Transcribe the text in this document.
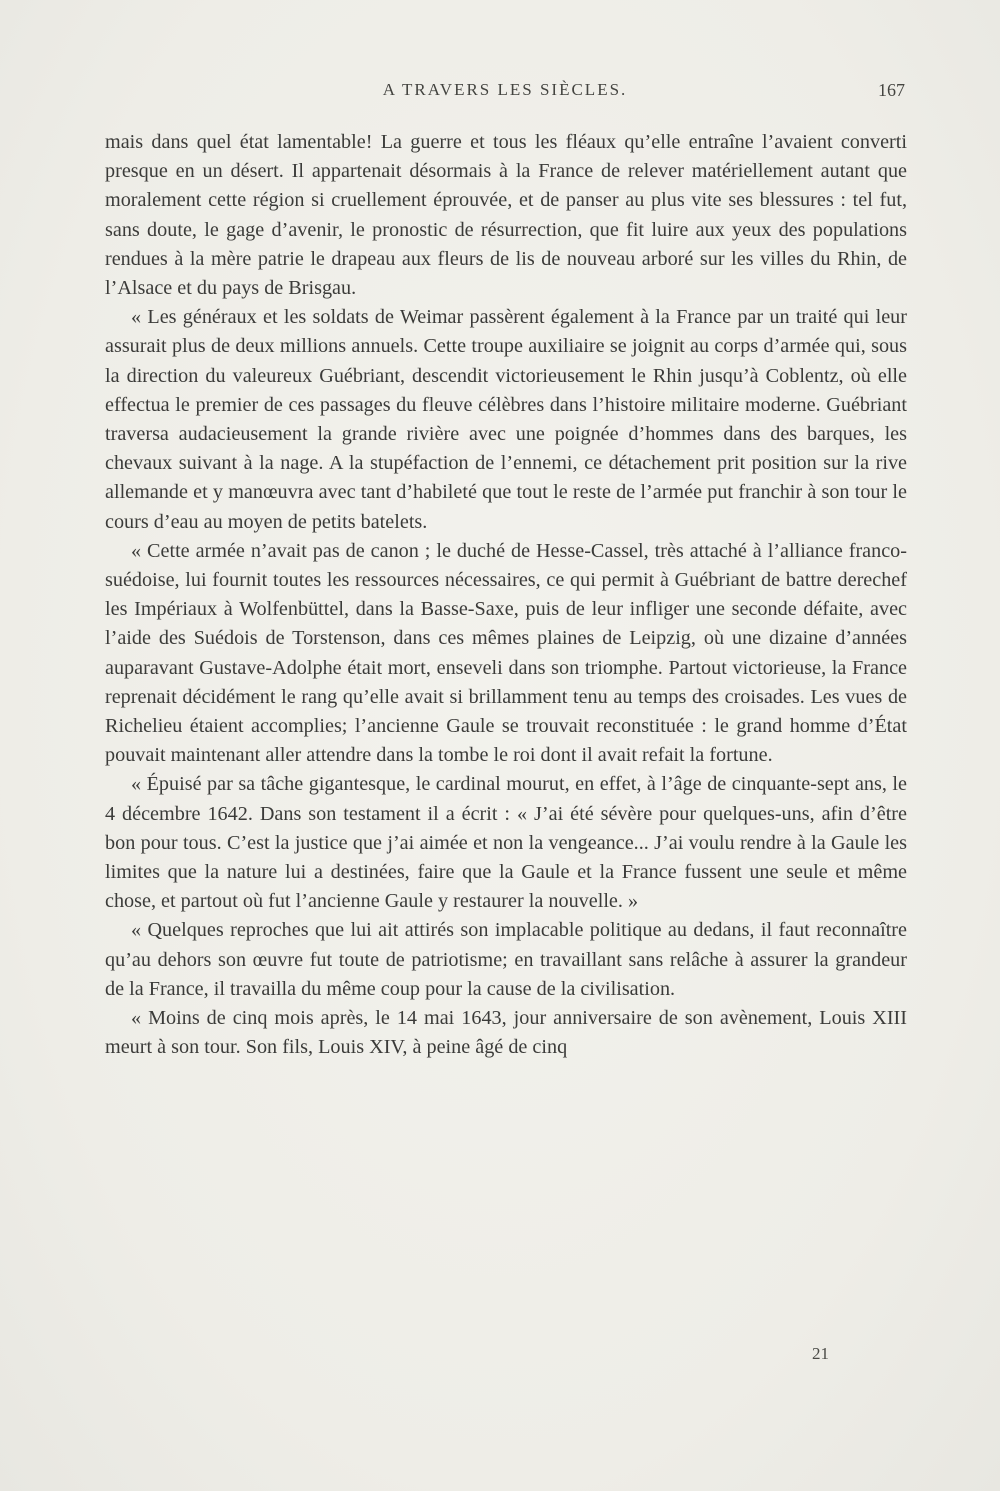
A TRAVERS LES SIÈCLES.	167

mais dans quel état lamentable! La guerre et tous les fléaux qu’elle entraîne l’avaient converti presque en un désert. Il appartenait désormais à la France de relever matériellement autant que moralement cette région si cruellement éprouvée, et de panser au plus vite ses blessures : tel fut, sans doute, le gage d’avenir, le pronostic de résurrection, que fit luire aux yeux des populations rendues à la mère patrie le drapeau aux fleurs de lis de nouveau arboré sur les villes du Rhin, de l’Alsace et du pays de Brisgau.

« Les généraux et les soldats de Weimar passèrent également à la France par un traité qui leur assurait plus de deux millions annuels. Cette troupe auxiliaire se joignit au corps d’armée qui, sous la direction du valeureux Guébriant, descendit victorieusement le Rhin jusqu’à Coblentz, où elle effectua le premier de ces passages du fleuve célèbres dans l’histoire militaire moderne. Guébriant traversa audacieusement la grande rivière avec une poignée d’hommes dans des barques, les chevaux suivant à la nage. A la stupéfaction de l’ennemi, ce détachement prit position sur la rive allemande et y manœuvra avec tant d’habileté que tout le reste de l’armée put franchir à son tour le cours d’eau au moyen de petits batelets.

« Cette armée n’avait pas de canon ; le duché de Hesse-Cassel, très attaché à l’alliance franco-suédoise, lui fournit toutes les ressources nécessaires, ce qui permit à Guébriant de battre derechef les Impériaux à Wolfenbüttel, dans la Basse-Saxe, puis de leur infliger une seconde défaite, avec l’aide des Suédois de Torstenson, dans ces mêmes plaines de Leipzig, où une dizaine d’années auparavant Gustave-Adolphe était mort, enseveli dans son triomphe. Partout victorieuse, la France reprenait décidément le rang qu’elle avait si brillamment tenu au temps des croisades. Les vues de Richelieu étaient accomplies; l’ancienne Gaule se trouvait reconstituée : le grand homme d’État pouvait maintenant aller attendre dans la tombe le roi dont il avait refait la fortune.

« Épuisé par sa tâche gigantesque, le cardinal mourut, en effet, à l’âge de cinquante-sept ans, le 4 décembre 1642. Dans son testament il a écrit : « J’ai été sévère pour quelques-uns, afin d’être bon pour tous. C’est la justice que j’ai aimée et non la vengeance... J’ai voulu rendre à la Gaule les limites que la nature lui a destinées, faire que la Gaule et la France fussent une seule et même chose, et partout où fut l’ancienne Gaule y restaurer la nouvelle. »

« Quelques reproches que lui ait attirés son implacable politique au dedans, il faut reconnaître qu’au dehors son œuvre fut toute de patriotisme; en travaillant sans relâche à assurer la grandeur de la France, il travailla du même coup pour la cause de la civilisation.

« Moins de cinq mois après, le 14 mai 1643, jour anniversaire de son avènement, Louis XIII meurt à son tour. Son fils, Louis XIV, à peine âgé de cinq

21
